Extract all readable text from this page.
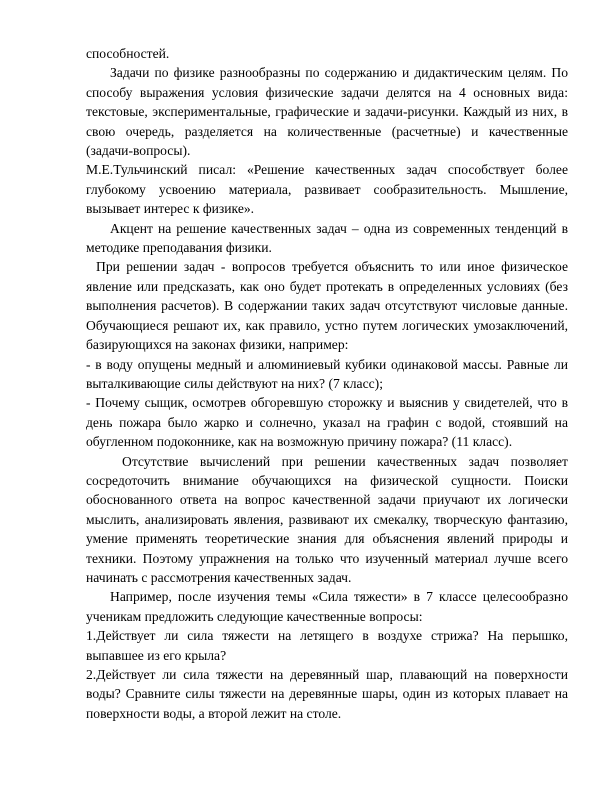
способностей.

Задачи по физике разнообразны по содержанию и дидактическим целям. По способу выражения условия физические задачи делятся на 4 основных вида: текстовые, экспериментальные, графические и задачи-рисунки. Каждый из них, в свою очередь, разделяется на количественные (расчетные) и качественные (задачи-вопросы).

М.Е.Тульчинский писал: «Решение качественных задач способствует более глубокому усвоению материала, развивает сообразительность. Мышление, вызывает интерес к физике».

Акцент на решение качественных задач – одна из современных тенденций в методике преподавания физики.

При решении задач - вопросов требуется объяснить то или иное физическое явление или предсказать, как оно будет протекать в определенных условиях (без выполнения расчетов). В содержании таких задач отсутствуют числовые данные. Обучающиеся решают их, как правило, устно путем логических умозаключений, базирующихся на законах физики, например:

- в воду опущены медный и алюминиевый кубики одинаковой массы. Равные ли выталкивающие силы действуют на них? (7 класс);

- Почему сыщик, осмотрев обгоревшую сторожку и выяснив у свидетелей, что в день пожара было жарко и солнечно, указал на графин с водой, стоявший на обугленном подоконнике, как на возможную причину пожара? (11 класс).

Отсутствие вычислений при решении качественных задач позволяет сосредоточить внимание обучающихся на физической сущности. Поиски обоснованного ответа на вопрос качественной задачи приучают их логически мыслить, анализировать явления, развивают их смекалку, творческую фантазию, умение применять теоретические знания для объяснения явлений природы и техники. Поэтому упражнения на только что изученный материал лучше всего начинать с рассмотрения качественных задач.

Например, после изучения темы «Сила тяжести» в 7 классе целесообразно ученикам предложить следующие качественные вопросы:

1.Действует ли сила тяжести на летящего в воздухе стрижа? На перышко, выпавшее из его крыла?

2.Действует ли сила тяжести на деревянный шар, плавающий на поверхности воды? Сравните силы тяжести на деревянные шары, один из которых плавает на поверхности воды, а второй лежит на столе.
